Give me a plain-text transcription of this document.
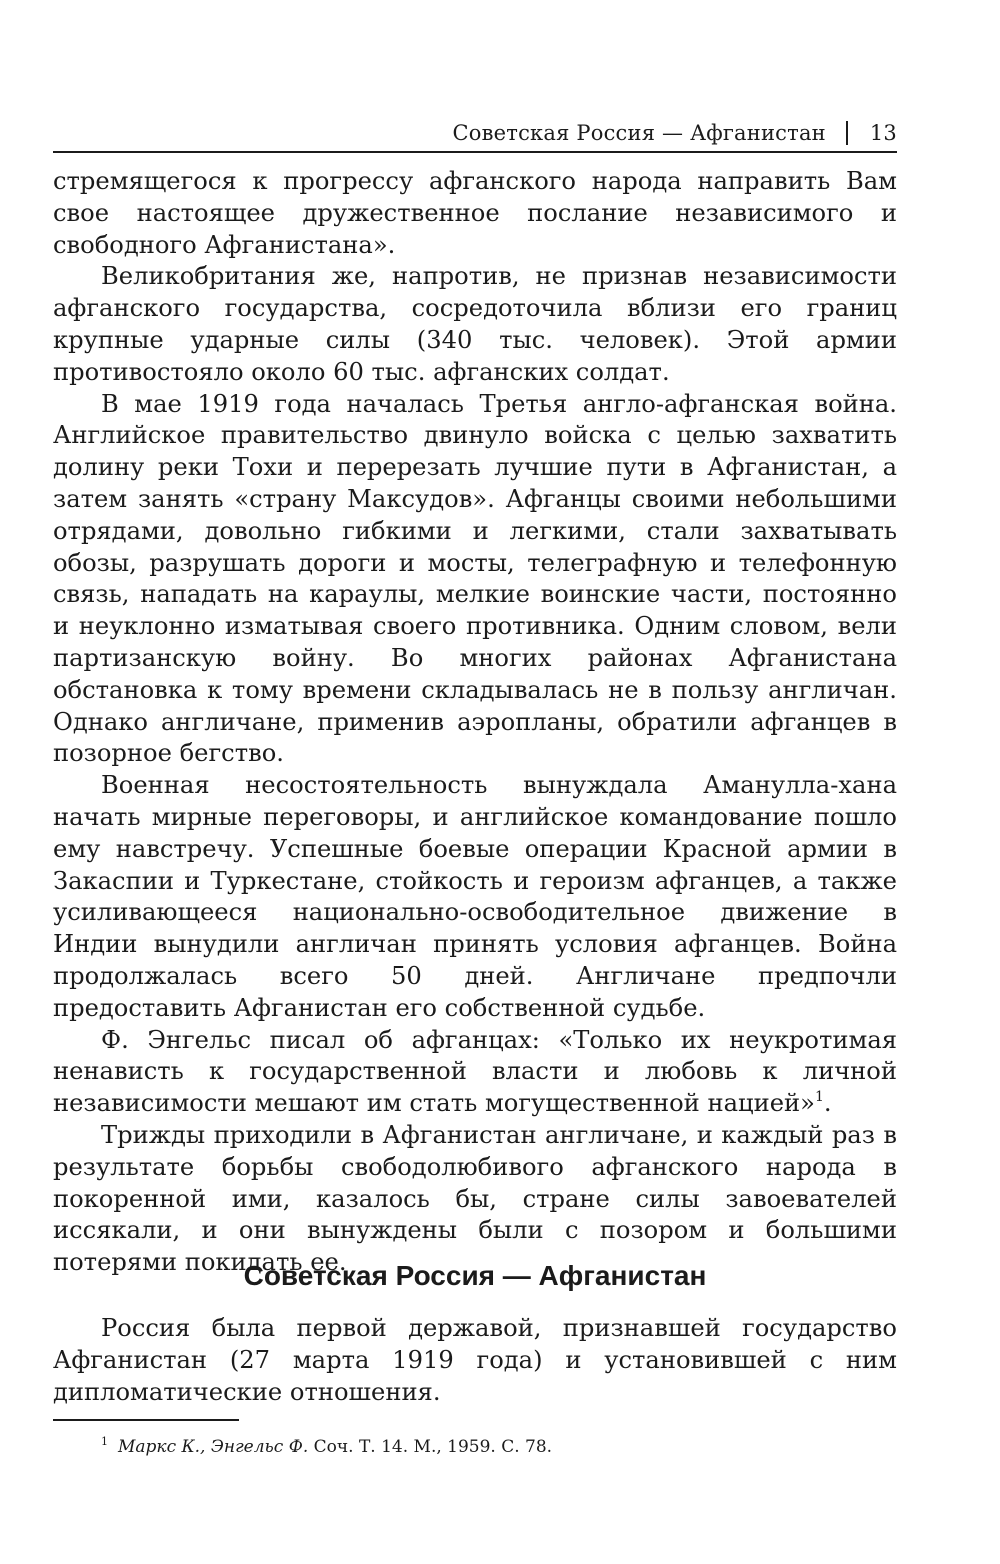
Советская Россия — Афганистан 13

стремящегося к прогрессу афганского народа направить Вам свое настоящее дружественное послание независимого и свободного Афганистана».

Великобритания же, напротив, не признав независимости афганского государства, сосредоточила вблизи его границ крупные ударные силы (340 тыс. человек). Этой армии противостояло около 60 тыс. афганских солдат.

В мае 1919 года началась Третья англо-афганская война. Английское правительство двинуло войска с целью захватить долину реки Тохи и перерезать лучшие пути в Афганистан, а затем занять «страну Максудов». Афганцы своими небольшими отрядами, довольно гибкими и легкими, стали захватывать обозы, разрушать дороги и мосты, телеграфную и телефонную связь, нападать на караулы, мелкие воинские части, постоянно и неуклонно изматывая своего противника. Одним словом, вели партизанскую войну. Во многих районах Афганистана обстановка к тому времени складывалась не в пользу англичан. Однако англичане, применив аэропланы, обратили афганцев в позорное бегство.

Военная несостоятельность вынуждала Аманулла-хана начать мирные переговоры, и английское командование пошло ему навстречу. Успешные боевые операции Красной армии в Закаспии и Туркестане, стойкость и героизм афганцев, а также усиливающееся национально-освободительное движение в Индии вынудили англичан принять условия афганцев. Война продолжалась всего 50 дней. Англичане предпочли предоставить Афганистан его собственной судьбе.

Ф. Энгельс писал об афганцах: «Только их неукротимая ненависть к государственной власти и любовь к личной независимости мешают им стать могущественной нацией»$^1$.

Трижды приходили в Афганистан англичане, и каждый раз в результате борьбы свободолюбивого афганского народа в покоренной ими, казалось бы, стране силы завоевателей иссякали, и они вынуждены были с позором и большими потерями покидать ее.

Советская Россия — Афганистан

Россия была первой державой, признавшей государство Афганистан (27 марта 1919 года) и установившей с ним дипломатические отношения.

$^1$ Маркс К., Энгельс Ф. Соч. Т. 14. М., 1959. С. 78.
